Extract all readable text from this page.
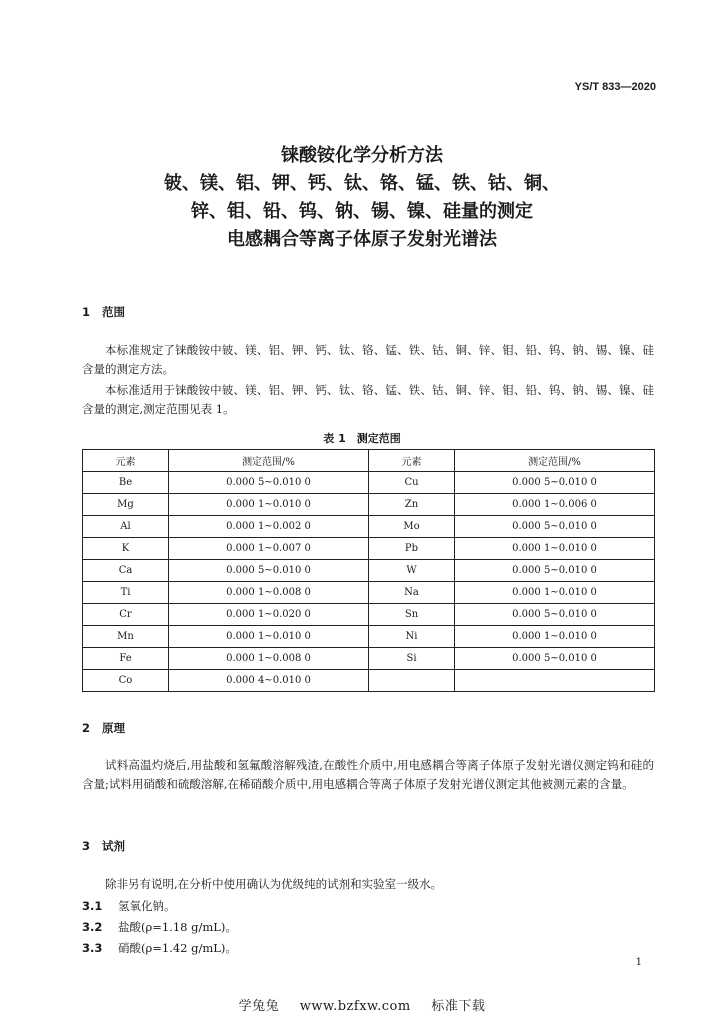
YS/T 833—2020
铼酸铵化学分析方法
铍、镁、铝、钾、钙、钛、铬、锰、铁、钴、铜、
锌、钼、铅、钨、钠、锡、镍、硅量的测定
电感耦合等离子体原子发射光谱法
1 范围
本标准规定了铼酸铵中铍、镁、铝、钾、钙、钛、铬、锰、铁、钴、铜、锌、钼、铅、钨、钠、锡、镍、硅含量的测定方法。
本标准适用于铼酸铵中铍、镁、铝、钾、钙、钛、铬、锰、铁、钴、铜、锌、钼、铅、钨、钠、锡、镍、硅含量的测定,测定范围见表 1。
表 1　测定范围
元素	测定范围/%	元素	测定范围/%
Be	0.000 5~0.010 0	Cu	0.000 5~0.010 0
Mg	0.000 1~0.010 0	Zn	0.000 1~0.006 0
Al	0.000 1~0.002 0	Mo	0.000 5~0.010 0
K	0.000 1~0.007 0	Pb	0.000 1~0.010 0
Ca	0.000 5~0.010 0	W	0.000 5~0.010 0
Ti	0.000 1~0.008 0	Na	0.000 1~0.010 0
Cr	0.000 1~0.020 0	Sn	0.000 5~0.010 0
Mn	0.000 1~0.010 0	Ni	0.000 1~0.010 0
Fe	0.000 1~0.008 0	Si	0.000 5~0.010 0
Co	0.000 4~0.010 0		
2 原理
试料高温灼烧后,用盐酸和氢氟酸溶解残渣,在酸性介质中,用电感耦合等离子体原子发射光谱仪测定钨和硅的含量;试料用硝酸和硫酸溶解,在稀硝酸介质中,用电感耦合等离子体原子发射光谱仪测定其他被测元素的含量。
3 试剂
除非另有说明,在分析中使用确认为优级纯的试剂和实验室一级水。
3.1 氢氧化钠。
3.2 盐酸(ρ=1.18 g/mL)。
3.3 硝酸(ρ=1.42 g/mL)。
1
学兔兔 www.bzfxw.com 标准下载
